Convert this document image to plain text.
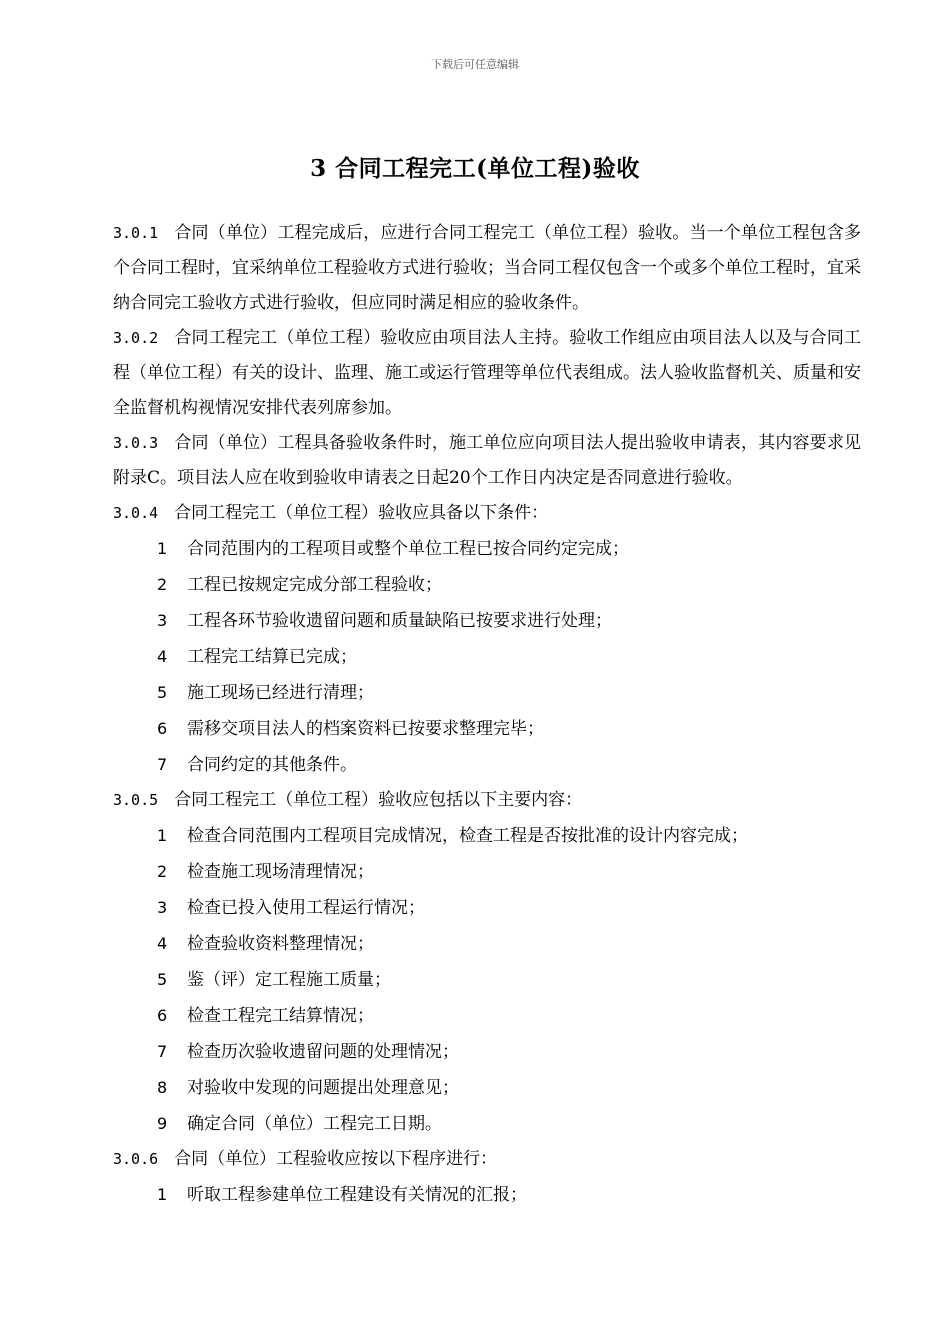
下载后可任意编辑
3 合同工程完工(单位工程)验收

3.0.1 合同（单位）工程完成后，应进行合同工程完工（单位工程）验收。当一个单位工程包含多个合同工程时，宜采纳单位工程验收方式进行验收；当合同工程仅包含一个或多个单位工程时，宜采纳合同完工验收方式进行验收，但应同时满足相应的验收条件。

3.0.2 合同工程完工（单位工程）验收应由项目法人主持。验收工作组应由项目法人以及与合同工程（单位工程）有关的设计、监理、施工或运行管理等单位代表组成。法人验收监督机关、质量和安全监督机构视情况安排代表列席参加。

3.0.3 合同（单位）工程具备验收条件时，施工单位应向项目法人提出验收申请表，其内容要求见附录C。项目法人应在收到验收申请表之日起20个工作日内决定是否同意进行验收。

3.0.4 合同工程完工（单位工程）验收应具备以下条件：

1 合同范围内的工程项目或整个单位工程已按合同约定完成；

2 工程已按规定完成分部工程验收；

3 工程各环节验收遗留问题和质量缺陷已按要求进行处理；

4 工程完工结算已完成；

5 施工现场已经进行清理；

6 需移交项目法人的档案资料已按要求整理完毕；

7 合同约定的其他条件。

3.0.5 合同工程完工（单位工程）验收应包括以下主要内容：

1 检查合同范围内工程项目完成情况，检查工程是否按批准的设计内容完成；

2 检查施工现场清理情况；

3 检查已投入使用工程运行情况；

4 检查验收资料整理情况；

5 鉴（评）定工程施工质量；

6 检查工程完工结算情况；

7 检查历次验收遗留问题的处理情况；

8 对验收中发现的问题提出处理意见；

9 确定合同（单位）工程完工日期。

3.0.6 合同（单位）工程验收应按以下程序进行：

1 听取工程参建单位工程建设有关情况的汇报；
